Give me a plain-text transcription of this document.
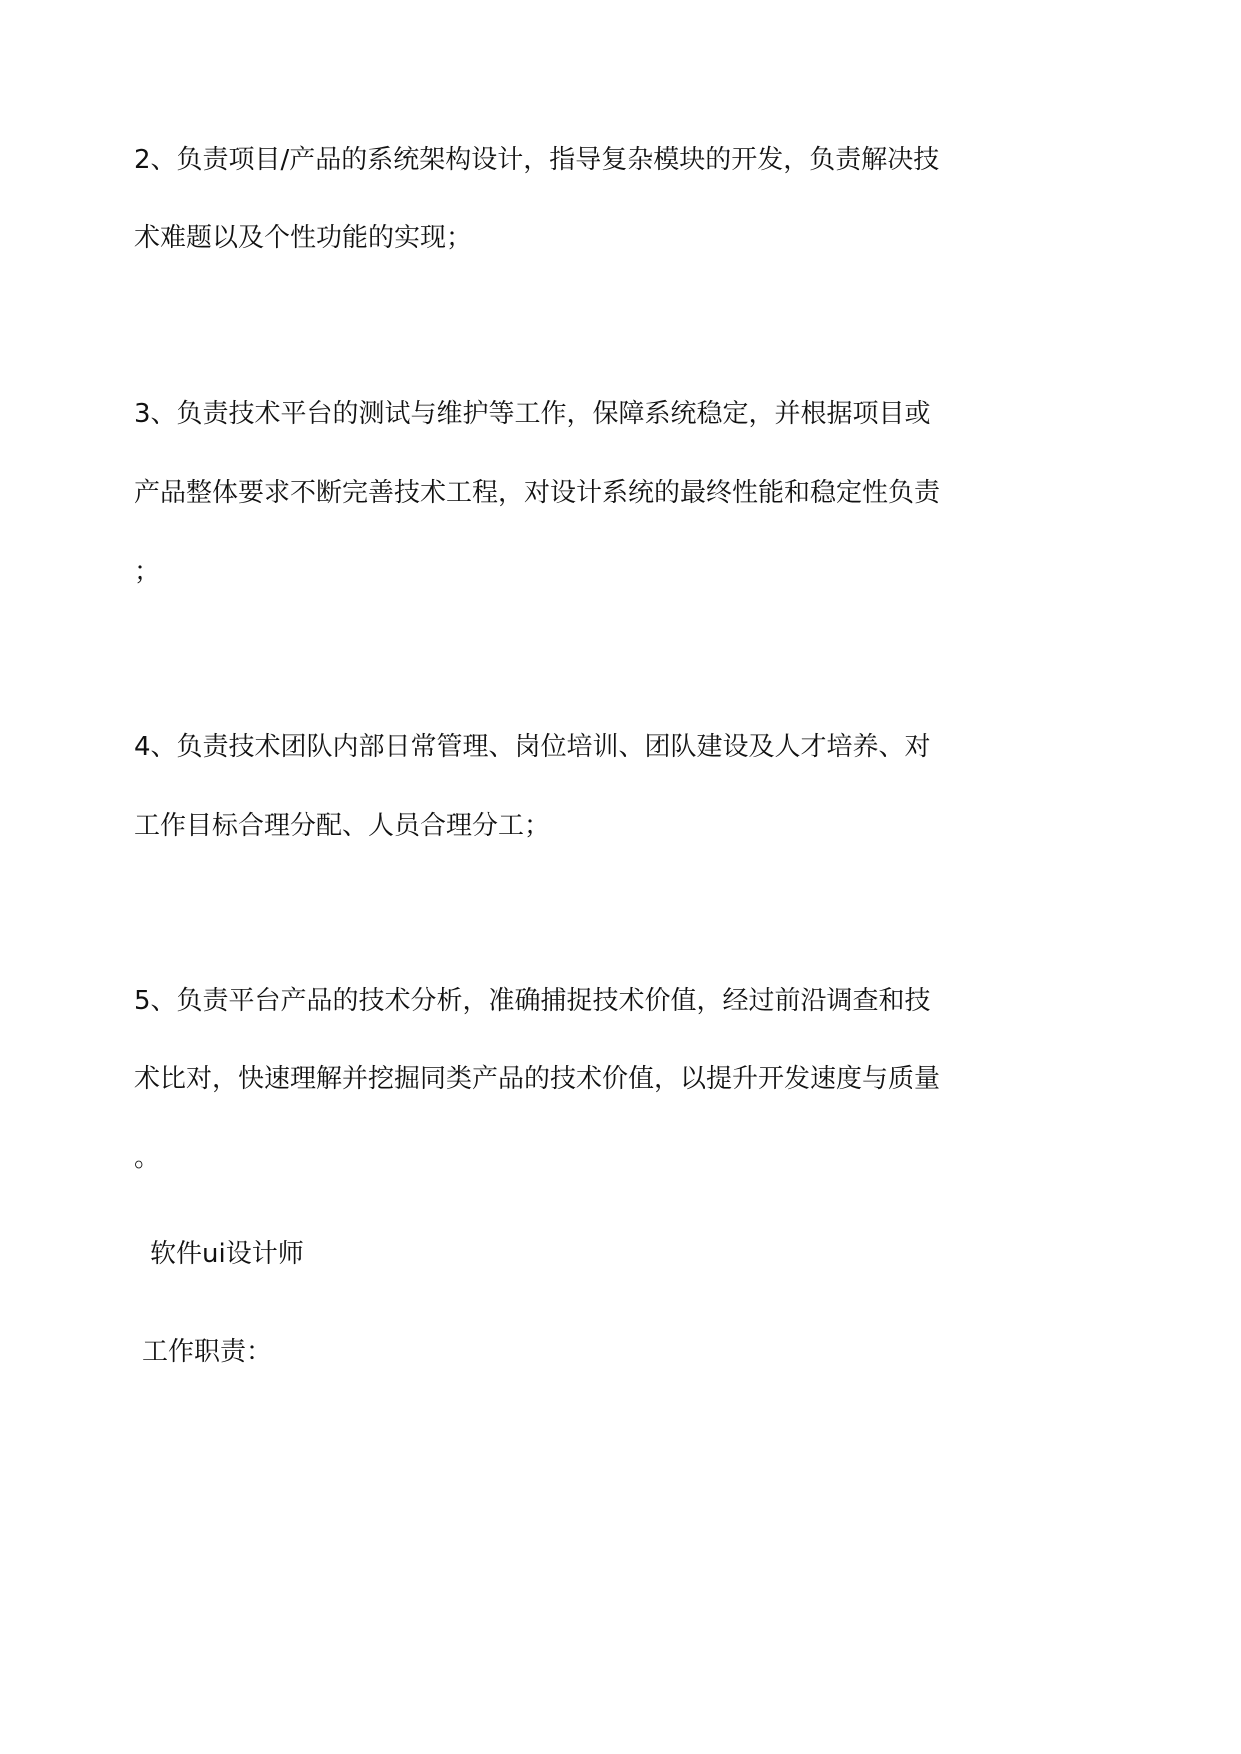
2、负责项目/产品的系统架构设计，指导复杂模块的开发，负责解决技
术难题以及个性功能的实现；
3、负责技术平台的测试与维护等工作，保障系统稳定，并根据项目或
产品整体要求不断完善技术工程，对设计系统的最终性能和稳定性负责
；
4、负责技术团队内部日常管理、岗位培训、团队建设及人才培养、对
工作目标合理分配、人员合理分工；
5、负责平台产品的技术分析，准确捕捉技术价值，经过前沿调查和技
术比对，快速理解并挖掘同类产品的技术价值，以提升开发速度与质量
。
软件ui设计师
工作职责：
